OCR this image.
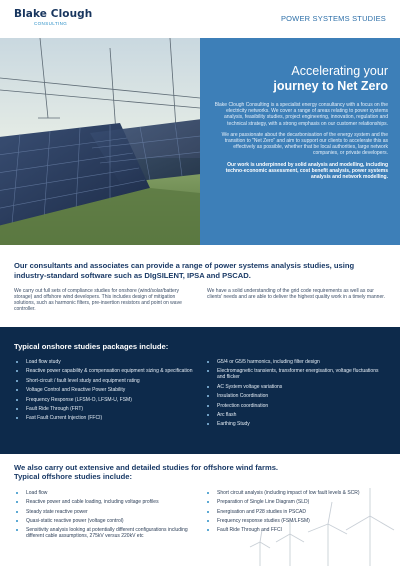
Blake Clough
CONSULTING
POWER SYSTEMS STUDIES
Accelerating your
journey to Net Zero

Blake Clough Consulting is a specialist energy consultancy with a focus on the electricity networks. We cover a range of areas relating to power systems analysis, feasibility studies, project engineering, innovation, regulation and technical strategy, with a strong emphasis on our customer relationships.

We are passionate about the decarbonisation of the energy system and the transition to "Net Zero" and aim to support our clients to accelerate this as effectively as possible, whether that be local authorities, large network companies, or private developers.

Our work is underpinned by solid analysis and modelling, including techno-economic assessment, cost benefit analysis, power systems analysis and network modelling.

Our consultants and associates can provide a range of power systems analysis studies, using industry-standard software such as DIgSILENT, IPSA and PSCAD.

We carry out full sets of compliance studies for onshore (wind/solar/battery storage) and offshore wind developers. This includes design of mitigation solutions, such as harmonic filters, pre-insertion resistors and point on wave controller.

We have a solid understanding of the grid code requirements as well as our clients' needs and are able to deliver the highest quality work in a timely manner.

Typical onshore studies packages include:
Load flow study
Reactive power capability & compensation equipment sizing & specification
Short-circuit / fault level study and equipment rating
Voltage Control and Reactive Power Stability
Frequency Response (LFSM-O, LFSM-U, FSM)
Fault Ride Through (FRT)
Fast Fault Current Injection (FFCI)
G5/4 or G5/5 harmonics, including filter design
Electromagnetic transients, transformer energisation, voltage fluctuations and flicker
AC System voltage variations
Insulation Coordination
Protection coordination
Arc flash
Earthing Study
We also carry out extensive and detailed studies for offshore wind farms.
Typical offshore studies include:
Load flow
Reactive power and cable loading, including voltage profiles
Steady state reactive power
Quasi-static reactive power (voltage control)
Sensitivity analysis looking at potentially different configurations including different cable assumptions, 275kV versus 220kV etc
Short circuit analysis (including impact of low fault levels & SCR)
Preparation of Single Line Diagram (SLD)
Energisation and P28 studies in PSCAD
Frequency response studies (FSM/LFSM)
Fault Ride Through and FFCI
